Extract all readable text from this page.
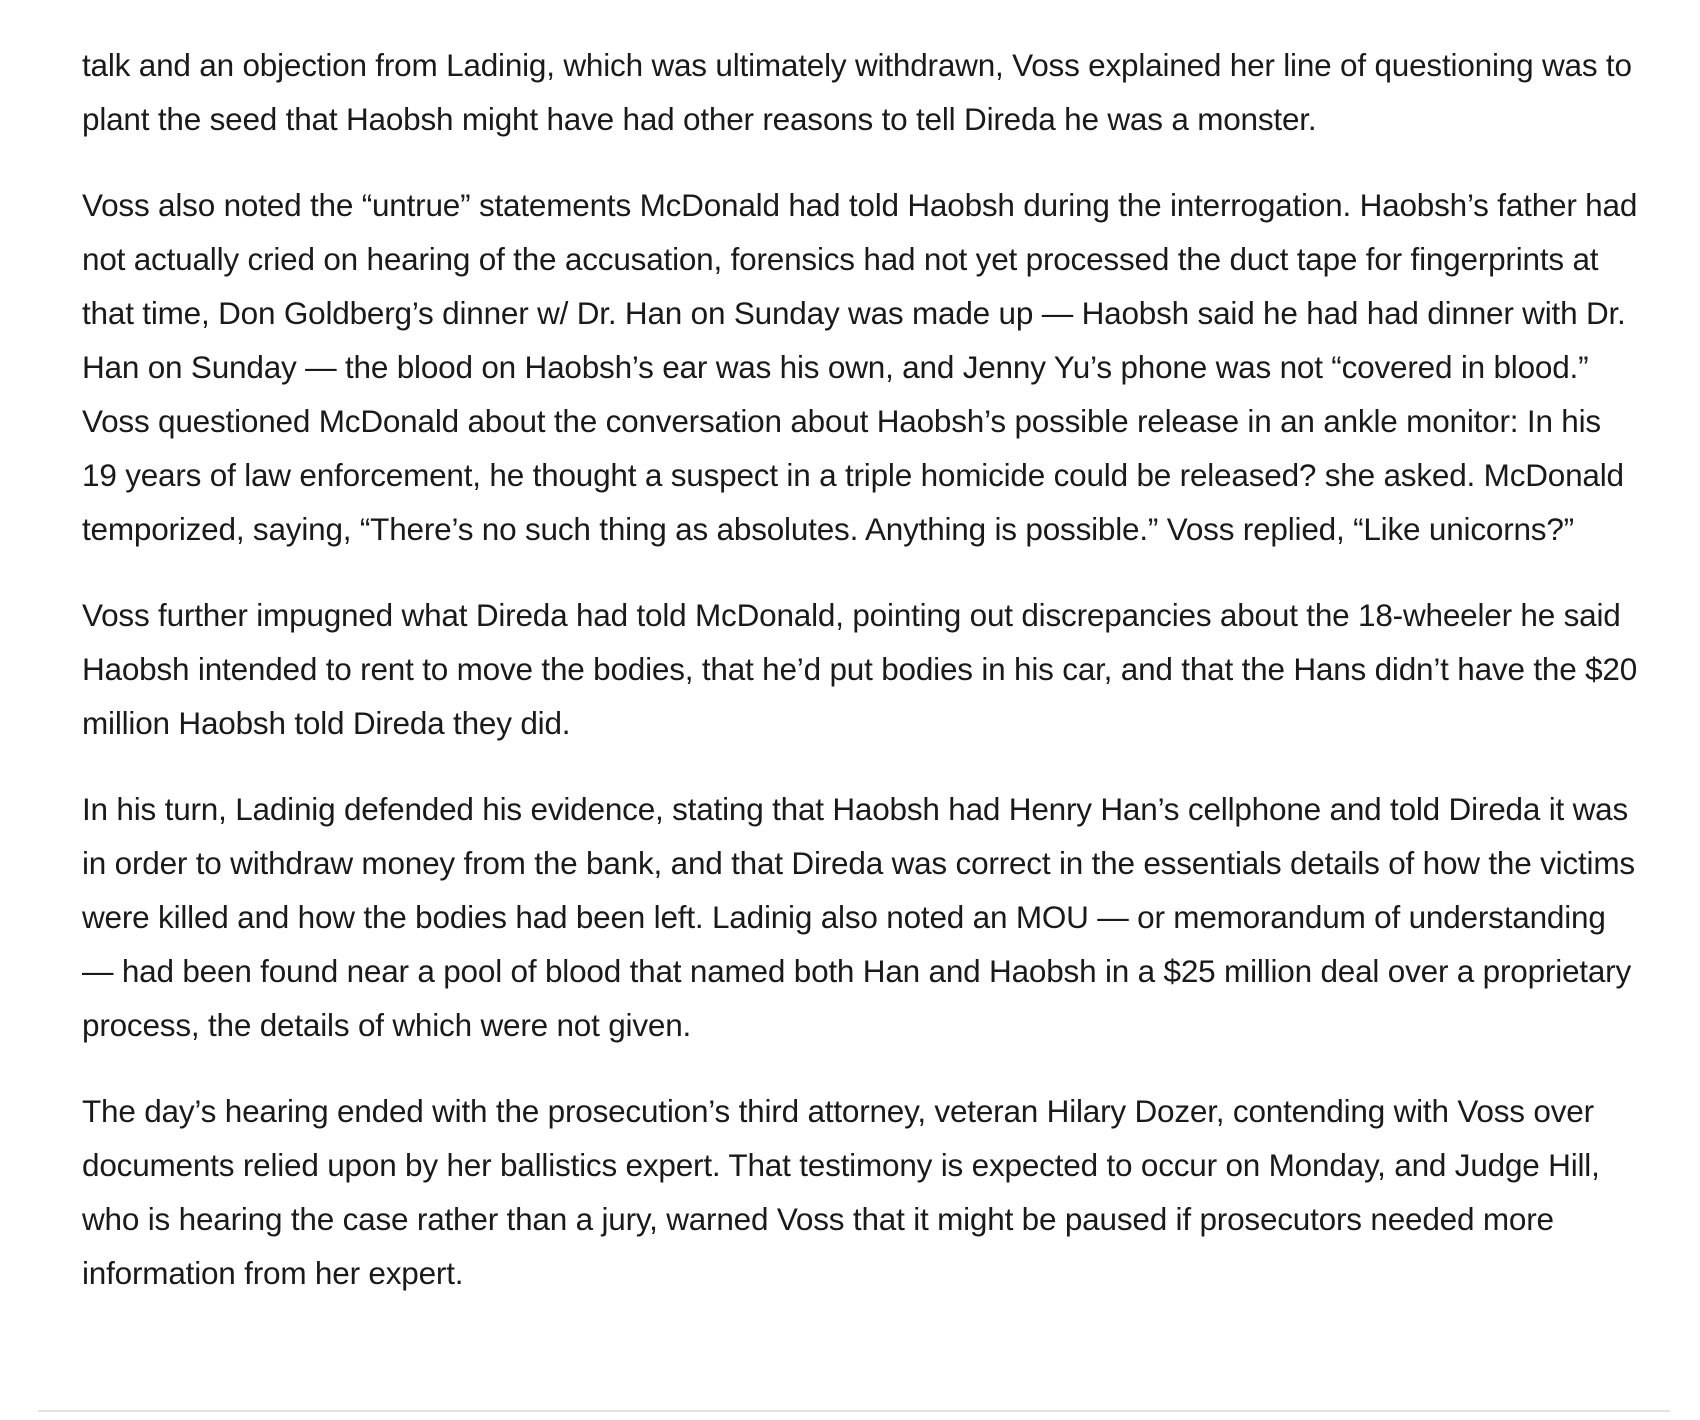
talk and an objection from Ladinig, which was ultimately withdrawn, Voss explained her line of questioning was to plant the seed that Haobsh might have had other reasons to tell Direda he was a monster.

Voss also noted the “untrue” statements McDonald had told Haobsh during the interrogation. Haobsh’s father had not actually cried on hearing of the accusation, forensics had not yet processed the duct tape for fingerprints at that time, Don Goldberg’s dinner w/ Dr. Han on Sunday was made up — Haobsh said he had had dinner with Dr. Han on Sunday — the blood on Haobsh’s ear was his own, and Jenny Yu’s phone was not “covered in blood.” Voss questioned McDonald about the conversation about Haobsh’s possible release in an ankle monitor: In his 19 years of law enforcement, he thought a suspect in a triple homicide could be released? she asked. McDonald temporized, saying, “There’s no such thing as absolutes. Anything is possible.” Voss replied, “Like unicorns?”

Voss further impugned what Direda had told McDonald, pointing out discrepancies about the 18-wheeler he said Haobsh intended to rent to move the bodies, that he’d put bodies in his car, and that the Hans didn’t have the $20 million Haobsh told Direda they did.

In his turn, Ladinig defended his evidence, stating that Haobsh had Henry Han’s cellphone and told Direda it was in order to withdraw money from the bank, and that Direda was correct in the essentials details of how the victims were killed and how the bodies had been left. Ladinig also noted an MOU — or memorandum of understanding — had been found near a pool of blood that named both Han and Haobsh in a $25 million deal over a proprietary process, the details of which were not given.

The day’s hearing ended with the prosecution’s third attorney, veteran Hilary Dozer, contending with Voss over documents relied upon by her ballistics expert. That testimony is expected to occur on Monday, and Judge Hill, who is hearing the case rather than a jury, warned Voss that it might be paused if prosecutors needed more information from her expert.
